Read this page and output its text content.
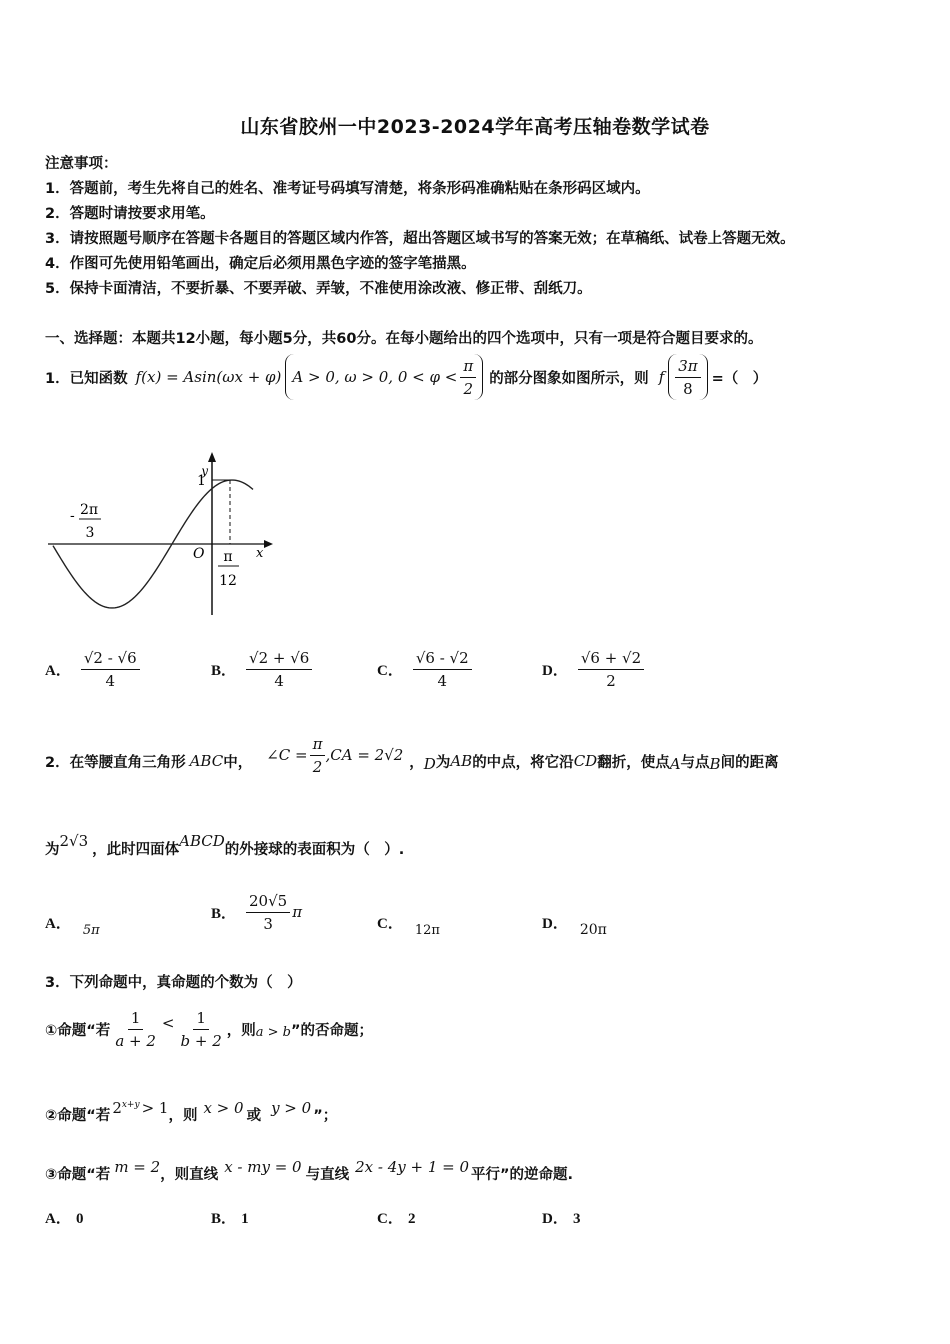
山东省胶州一中2023-2024学年高考压轴卷数学试卷
注意事项：
1．答题前，考生先将自己的姓名、准考证号码填写清楚，将条形码准确粘贴在条形码区域内。
2．答题时请按要求用笔。
3．请按照题号顺序在答题卡各题目的答题区域内作答，超出答题区域书写的答案无效；在草稿纸、试卷上答题无效。
4．作图可先使用铅笔画出，确定后必须用黑色字迹的签字笔描黑。
5．保持卡面清洁，不要折暴、不要弄破、弄皱，不准使用涂改液、修正带、刮纸刀。
一、选择题：本题共12小题，每小题5分，共60分。在每小题给出的四个选项中，只有一项是符合题目要求的。
1．已知函数 f(x) = Asin(ωx + φ) A > 0, ω > 0, $0 < \varphi < \frac{\pi}{2}$ 的部分图象如图所示，则 f $\frac{3\pi}{8}$ =（　）
y
x
O
1
- 2π
3
π
12
A． $\frac{√2 - √6}{4}$	B． $\frac{√2 + √6}{4}$	C． $\frac{√6 - √2}{4}$	D． $\frac{√6 + √2}{2}$
2．在等腰直角三角形 ABC 中， ∠C = $\frac{\pi}{2} ,CA = 2√2$ ， D 为 AB 的中点，将它沿 CD 翻折，使点 A 与点 B 间的距离
为 2√3 ，此时四面体 ABCD 的外接球的表面积为（　）.
A． 5π
B． $\frac{20√5}{3}$ π
C． 12π	D． 20π
3．下列命题中，真命题的个数为（　）
①命题“若 $\frac{1}{a + 2} < \frac{1}{b + 2}$ ，则 a > b ”的否命题；
②命题“若 2 x+y > 1 ，则 x > 0 或 y > 0 ”；
③命题“若 m = 2 ，则直线 x - my = 0 与直线 2x - 4y + 1 = 0 平行”的逆命题.
A． 0	B． 1	C． 2	D． 3
